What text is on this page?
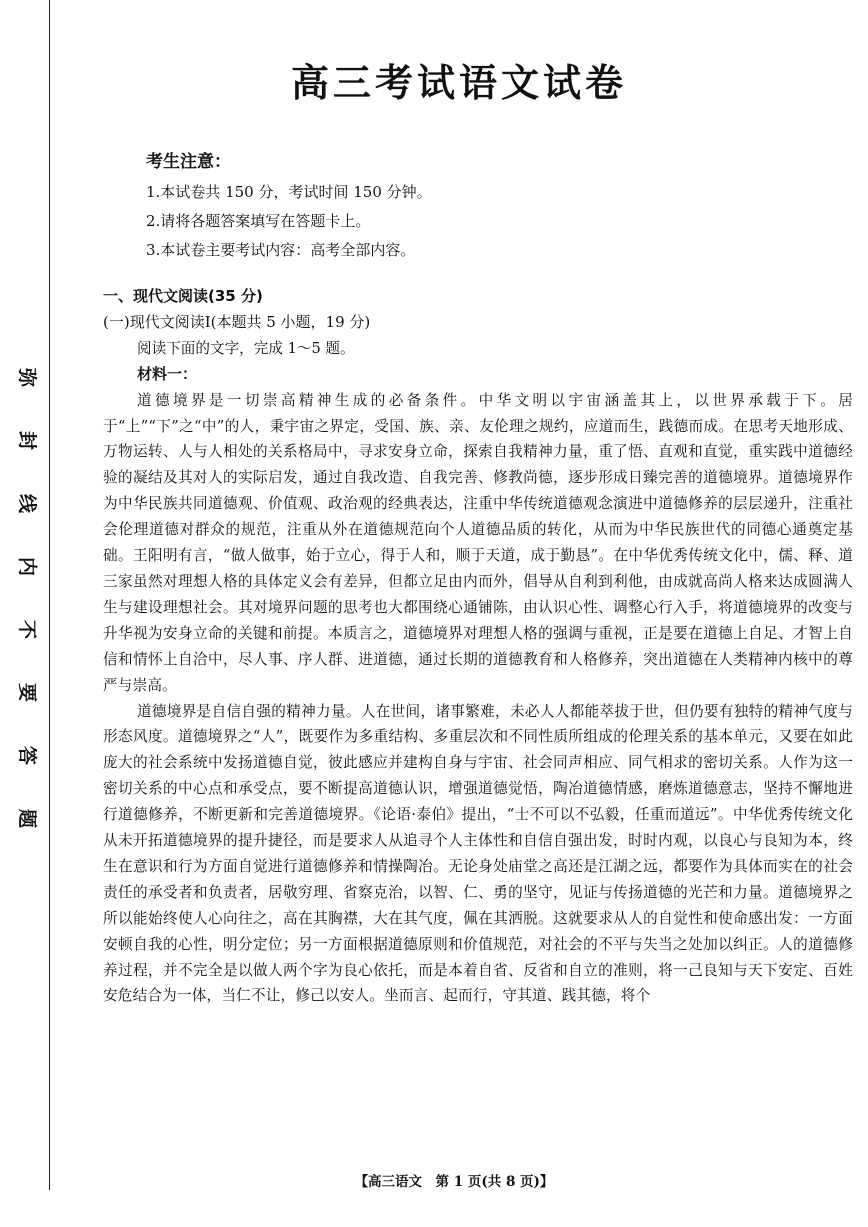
弥
封
线
内
不
要
答
题
高三考试语文试卷
考生注意：
1.本试卷共 150 分，考试时间 150 分钟。
2.请将各题答案填写在答题卡上。
3.本试卷主要考试内容：高考全部内容。
一、现代文阅读(35 分)
(一)现代文阅读Ⅰ(本题共 5 小题，19 分)
阅读下面的文字，完成 1～5 题。
材料一：

道德境界是一切崇高精神生成的必备条件。中华文明以宇宙涵盖其上，以世界承载于下。居于“上”“下”之“中”的人，秉宇宙之界定，受国、族、亲、友伦理之规约，应道而生，践德而成。在思考天地形成、万物运转、人与人相处的关系格局中，寻求安身立命，探索自我精神力量，重了悟、直观和直觉，重实践中道德经验的凝结及其对人的实际启发，通过自我改造、自我完善、修教尚德，逐步形成日臻完善的道德境界。道德境界作为中华民族共同道德观、价值观、政治观的经典表达，注重中华传统道德观念演进中道德修养的层层递升，注重社会伦理道德对群众的规范，注重从外在道德规范向个人道德品质的转化，从而为中华民族世代的同德心通奠定基础。王阳明有言，“做人做事，始于立心，得于人和，顺于天道，成于勤恳”。在中华优秀传统文化中，儒、释、道三家虽然对理想人格的具体定义会有差异，但都立足由内而外，倡导从自利到利他，由成就高尚人格来达成圆满人生与建设理想社会。其对境界问题的思考也大都围绕心通铺陈，由认识心性、调整心行入手，将道德境界的改变与升华视为安身立命的关键和前提。本质言之，道德境界对理想人格的强调与重视，正是要在道德上自足、才智上自信和情怀上自洽中，尽人事、序人群、进道德，通过长期的道德教育和人格修养，突出道德在人类精神内核中的尊严与崇高。

道德境界是自信自强的精神力量。人在世间，诸事繁难，未必人人都能萃拔于世，但仍要有独特的精神气度与形态风度。道德境界之“人”，既要作为多重结构、多重层次和不同性质所组成的伦理关系的基本单元，又要在如此庞大的社会系统中发扬道德自觉，彼此感应并建构自身与宇宙、社会同声相应、同气相求的密切关系。人作为这一密切关系的中心点和承受点，要不断提高道德认识，增强道德觉悟，陶冶道德情感，磨炼道德意志，坚持不懈地进行道德修养，不断更新和完善道德境界。《论语·泰伯》提出，“士不可以不弘毅，任重而道远”。中华优秀传统文化从未开拓道德境界的提升捷径，而是要求人从追寻个人主体性和自信自强出发，时时内观，以良心与良知为本，终生在意识和行为方面自觉进行道德修养和情操陶冶。无论身处庙堂之高还是江湖之远，都要作为具体而实在的社会责任的承受者和负责者，居敬穷理、省察克治，以智、仁、勇的坚守，见证与传扬道德的光芒和力量。道德境界之所以能始终使人心向往之，高在其胸襟，大在其气度，佩在其洒脱。这就要求从人的自觉性和使命感出发：一方面安顿自我的心性，明分定位；另一方面根据道德原则和价值规范，对社会的不平与失当之处加以纠正。人的道德修养过程，并不完全是以做人两个字为良心依托，而是本着自省、反省和自立的准则，将一己良知与天下安定、百姓安危结合为一体，当仁不让，修己以安人。坐而言、起而行，守其道、践其德，将个

【高三语文　第 1 页(共 8 页)】
